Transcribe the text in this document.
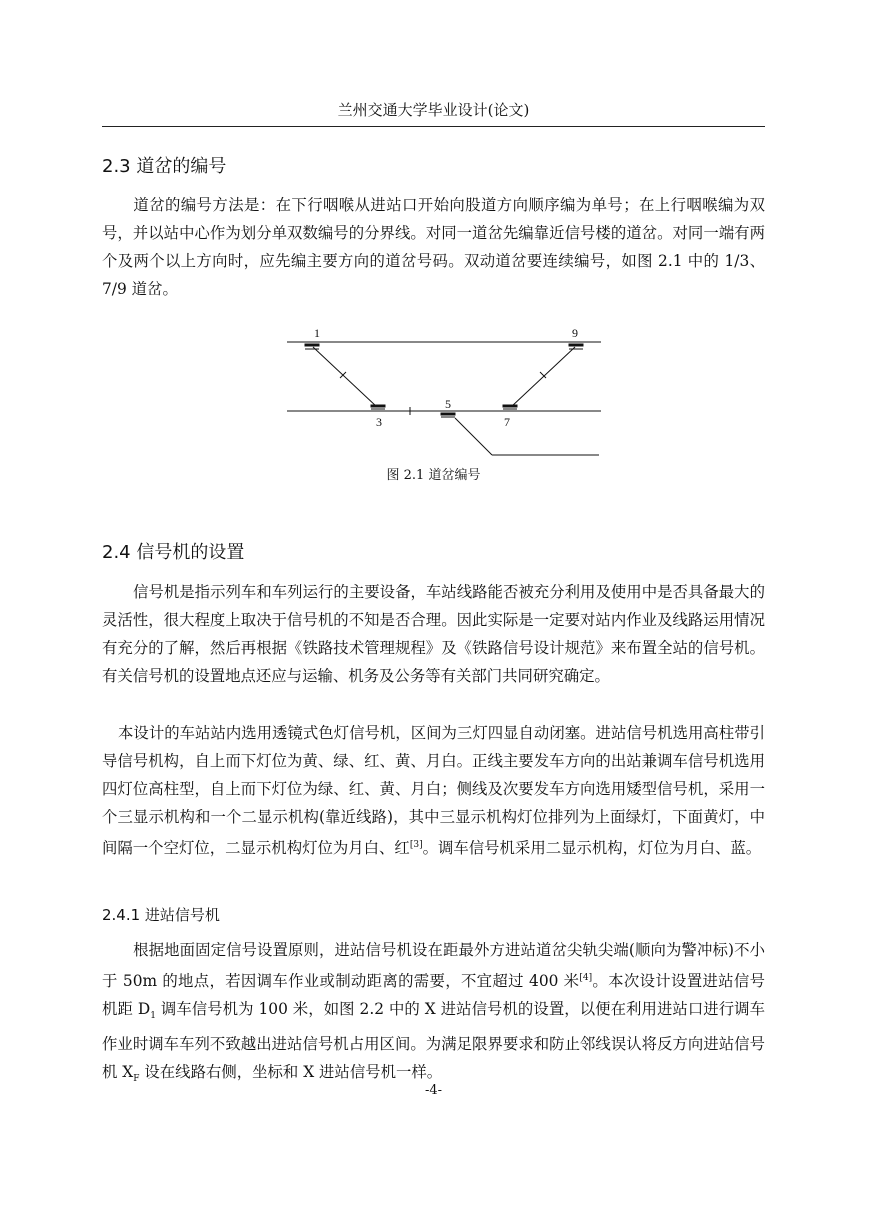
兰州交通大学毕业设计(论文)
2.3 道岔的编号

道岔的编号方法是：在下行咽喉从进站口开始向股道方向顺序编为单号；在上行咽喉编为双号，并以站中心作为划分单双数编号的分界线。对同一道岔先编靠近信号楼的道岔。对同一端有两个及两个以上方向时，应先编主要方向的道岔号码。双动道岔要连续编号，如图 2.1 中的 1/3、7/9 道岔。

1	9
3
5
7
图 2.1 道岔编号
2.4 信号机的设置

信号机是指示列车和车列运行的主要设备，车站线路能否被充分利用及使用中是否具备最大的灵活性，很大程度上取决于信号机的不知是否合理。因此实际是一定要对站内作业及线路运用情况有充分的了解，然后再根据《铁路技术管理规程》及《铁路信号设计规范》来布置全站的信号机。有关信号机的设置地点还应与运输、机务及公务等有关部门共同研究确定。

本设计的车站站内选用透镜式色灯信号机，区间为三灯四显自动闭塞。进站信号机选用高柱带引导信号机构，自上而下灯位为黄、绿、红、黄、月白。正线主要发车方向的出站兼调车信号机选用四灯位高柱型，自上而下灯位为绿、红、黄、月白；侧线及次要发车方向选用矮型信号机，采用一个三显示机构和一个二显示机构(靠近线路)，其中三显示机构灯位排列为上面绿灯，下面黄灯，中间隔一个空灯位，二显示机构灯位为月白、红[3]。调车信号机采用二显示机构，灯位为月白、蓝。

2.4.1 进站信号机

根据地面固定信号设置原则，进站信号机设在距最外方进站道岔尖轨尖端(顺向为警冲标)不小于 50m 的地点，若因调车作业或制动距离的需要，不宜超过 400 米[4]。本次设计设置进站信号机距 $D_1$ 调车信号机为 100 米，如图 2.2 中的 X 进站信号机的设置，以便在利用进站口进行调车作业时调车车列不致越出进站信号机占用区间。为满足限界要求和防止邻线误认将反方向进站信号机 $X_F$ 设在线路右侧，坐标和 X 进站信号机一样。

-4-
